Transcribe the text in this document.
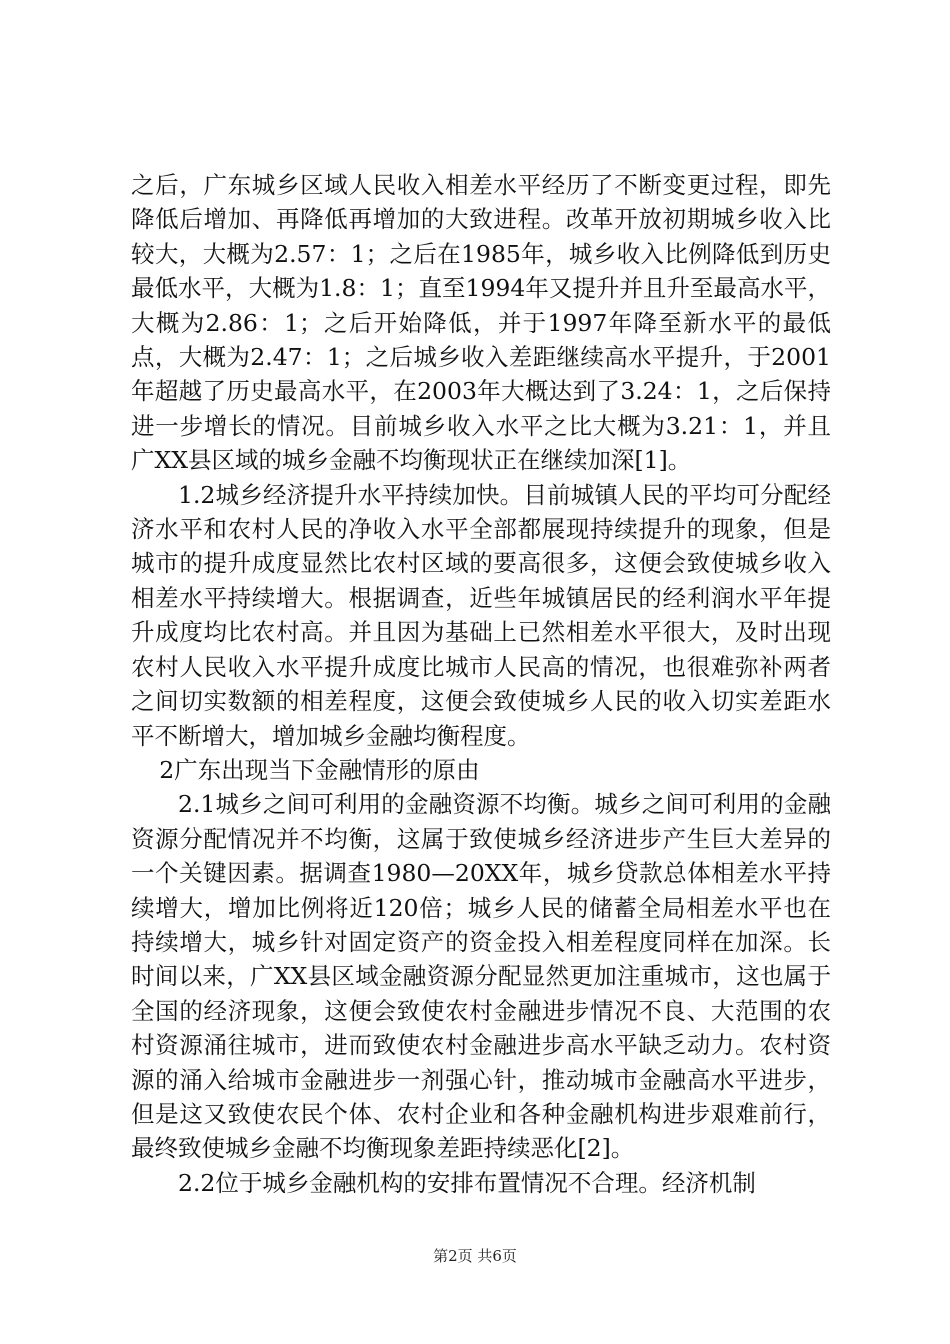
之后，广东城乡区域人民收入相差水平经历了不断变更过程，即先降低后增加、再降低再增加的大致进程。改革开放初期城乡收入比较大，大概为2.57：1；之后在1985年，城乡收入比例降低到历史最低水平，大概为1.8：1；直至1994年又提升并且升至最高水平，大概为2.86：1；之后开始降低，并于1997年降至新水平的最低点，大概为2.47：1；之后城乡收入差距继续高水平提升，于2001年超越了历史最高水平，在2003年大概达到了3.24：1，之后保持进一步增长的情况。目前城乡收入水平之比大概为3.21：1，并且广XX县区域的城乡金融不均衡现状正在继续加深[1]。

1.2城乡经济提升水平持续加快。目前城镇人民的平均可分配经济水平和农村人民的净收入水平全部都展现持续提升的现象，但是城市的提升成度显然比农村区域的要高很多，这便会致使城乡收入相差水平持续增大。根据调查，近些年城镇居民的经利润水平年提升成度均比农村高。并且因为基础上已然相差水平很大，及时出现农村人民收入水平提升成度比城市人民高的情况，也很难弥补两者之间切实数额的相差程度，这便会致使城乡人民的收入切实差距水平不断增大，增加城乡金融均衡程度。

2广东出现当下金融情形的原由

2.1城乡之间可利用的金融资源不均衡。城乡之间可利用的金融资源分配情况并不均衡，这属于致使城乡经济进步产生巨大差异的一个关键因素。据调查1980—20XX年，城乡贷款总体相差水平持续增大，增加比例将近120倍；城乡人民的储蓄全局相差水平也在持续增大，城乡针对固定资产的资金投入相差程度同样在加深。长时间以来，广XX县区域金融资源分配显然更加注重城市，这也属于全国的经济现象，这便会致使农村金融进步情况不良、大范围的农村资源涌往城市，进而致使农村金融进步高水平缺乏动力。农村资源的涌入给城市金融进步一剂强心针，推动城市金融高水平进步，但是这又致使农民个体、农村企业和各种金融机构进步艰难前行，最终致使城乡金融不均衡现象差距持续恶化[2]。

2.2位于城乡金融机构的安排布置情况不合理。经济机制

第2页 共6页
